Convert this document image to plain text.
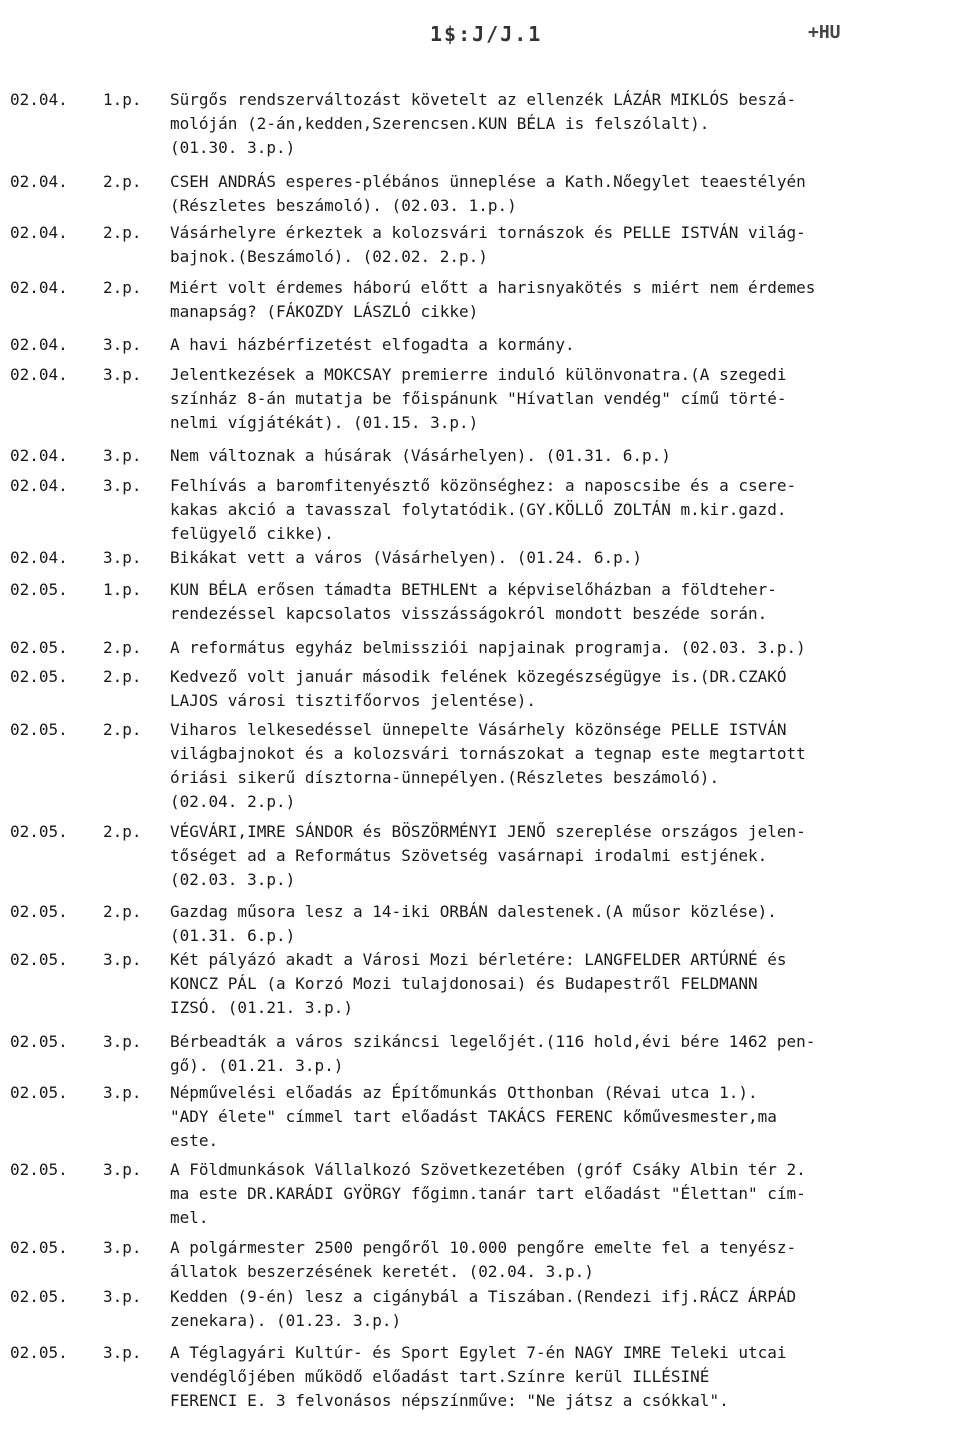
1$:J/J.1	+HU
02.04. 1.p. Sürgős rendszerváltozást követelt az ellenzék LÁZÁR MIKLÓS beszá-
molóján (2-án,kedden,Szerencsen.KUN BÉLA is felszólalt).
(01.30. 3.p.)
02.04. 2.p. CSEH ANDRÁS esperes-plébános ünneplése a Kath.Nőegylet teaestélyén
(Részletes beszámoló). (02.03. 1.p.)
02.04. 2.p. Vásárhelyre érkeztek a kolozsvári tornászok és PELLE ISTVÁN világ-
bajnok.(Beszámoló). (02.02. 2.p.)
02.04. 2.p. Miért volt érdemes háború előtt a harisnyakötés s miért nem érdemes
manapság? (FÁKOZDY LÁSZLÓ cikke)
02.04. 3.p. A havi házbérfizetést elfogadta a kormány.
02.04. 3.p. Jelentkezések a MOKCSAY premierre induló különvonatra.(A szegedi
színház 8-án mutatja be főispánunk "Hívatlan vendég" című törté-
nelmi vígjátékát). (01.15. 3.p.)
02.04. 3.p. Nem változnak a húsárak (Vásárhelyen). (01.31. 6.p.)
02.04. 3.p. Felhívás a baromfitenyésztő közönséghez: a naposcsibe és a csere-
kakas akció a tavasszal folytatódik.(GY.KÖLLŐ ZOLTÁN m.kir.gazd.
felügyelő cikke).
02.04. 3.p. Bikákat vett a város (Vásárhelyen). (01.24. 6.p.)
02.05. 1.p. KUN BÉLA erősen támadta BETHLENt a képviselőházban a földteher-
rendezéssel kapcsolatos visszásságokról mondott beszéde során.
02.05. 2.p. A református egyház belmissziói napjainak programja. (02.03. 3.p.)
02.05. 2.p. Kedvező volt január második felének közegészségügye is.(DR.CZAKÓ
LAJOS városi tisztifőorvos jelentése).
02.05. 2.p. Viharos lelkesedéssel ünnepelte Vásárhely közönsége PELLE ISTVÁN
világbajnokot és a kolozsvári tornászokat a tegnap este megtartott
óriási sikerű dísztorna-ünnepélyen.(Részletes beszámoló).
(02.04. 2.p.)
02.05. 2.p. VÉGVÁRI,IMRE SÁNDOR és BÖSZÖRMÉNYI JENŐ szereplése országos jelen-
tőséget ad a Református Szövetség vasárnapi irodalmi estjének.
(02.03. 3.p.)
02.05. 2.p. Gazdag műsora lesz a 14-iki ORBÁN dalestenek.(A műsor közlése).
(01.31. 6.p.)
02.05. 3.p. Két pályázó akadt a Városi Mozi bérletére: LANGFELDER ARTÚRNÉ és
KONCZ PÁL (a Korzó Mozi tulajdonosai) és Budapestről FELDMANN
IZSÓ. (01.21. 3.p.)
02.05. 3.p. Bérbeadták a város szikáncsi legelőjét.(116 hold,évi bére 1462 pen-
gő). (01.21. 3.p.)
02.05. 3.p. Népművelési előadás az Építőmunkás Otthonban (Révai utca 1.).
"ADY élete" címmel tart előadást TAKÁCS FERENC kőművesmester,ma
este.
02.05. 3.p. A Földmunkások Vállalkozó Szövetkezetében (gróf Csáky Albin tér 2.
ma este DR.KARÁDI GYÖRGY főgimn.tanár tart előadást "Élettan" cím-
mel.
02.05. 3.p. A polgármester 2500 pengőről 10.000 pengőre emelte fel a tenyész-
állatok beszerzésének keretét. (02.04. 3.p.)
02.05. 3.p. Kedden (9-én) lesz a cigánybál a Tiszában.(Rendezi ifj.RÁCZ ÁRPÁD
zenekara). (01.23. 3.p.)
02.05. 3.p. A Téglagyári Kultúr- és Sport Egylet 7-én NAGY IMRE Teleki utcai
vendéglőjében működő előadást tart.Színre kerül ILLÉSINÉ
FERENCI E. 3 felvonásos népszínműve: "Ne játsz a csókkal".
